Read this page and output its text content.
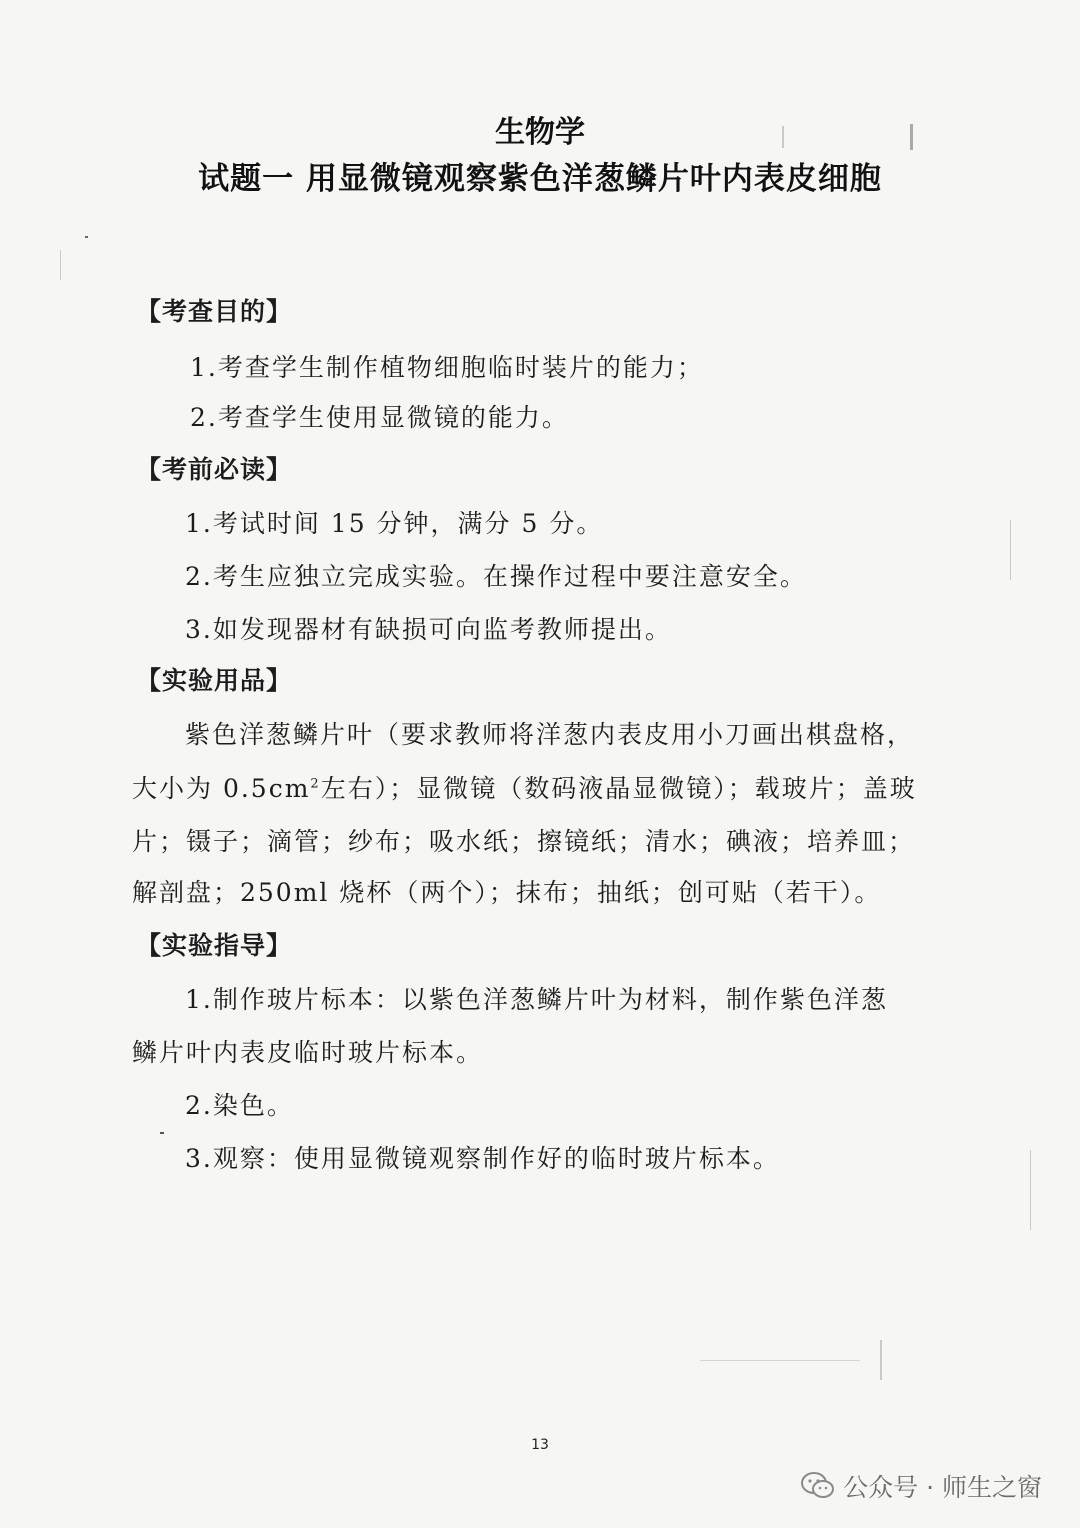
生物学
试题一 用显微镜观察紫色洋葱鳞片叶内表皮细胞
【考查目的】
1.考查学生制作植物细胞临时装片的能力；
2.考查学生使用显微镜的能力。
【考前必读】
1.考试时间 15 分钟，满分 5 分。
2.考生应独立完成实验。在操作过程中要注意安全。
3.如发现器材有缺损可向监考教师提出。
【实验用品】
紫色洋葱鳞片叶（要求教师将洋葱内表皮用小刀画出棋盘格，
大小为 $0.5cm^2$左右）；显微镜（数码液晶显微镜）；载玻片；盖玻
片；镊子；滴管；纱布；吸水纸；擦镜纸；清水；碘液；培养皿；
解剖盘；250ml 烧杯（两个）；抹布；抽纸；创可贴（若干）。
【实验指导】
1.制作玻片标本：以紫色洋葱鳞片叶为材料，制作紫色洋葱
鳞片叶内表皮临时玻片标本。
2.染色。
3.观察：使用显微镜观察制作好的临时玻片标本。
13
公众号 · 师生之窗
